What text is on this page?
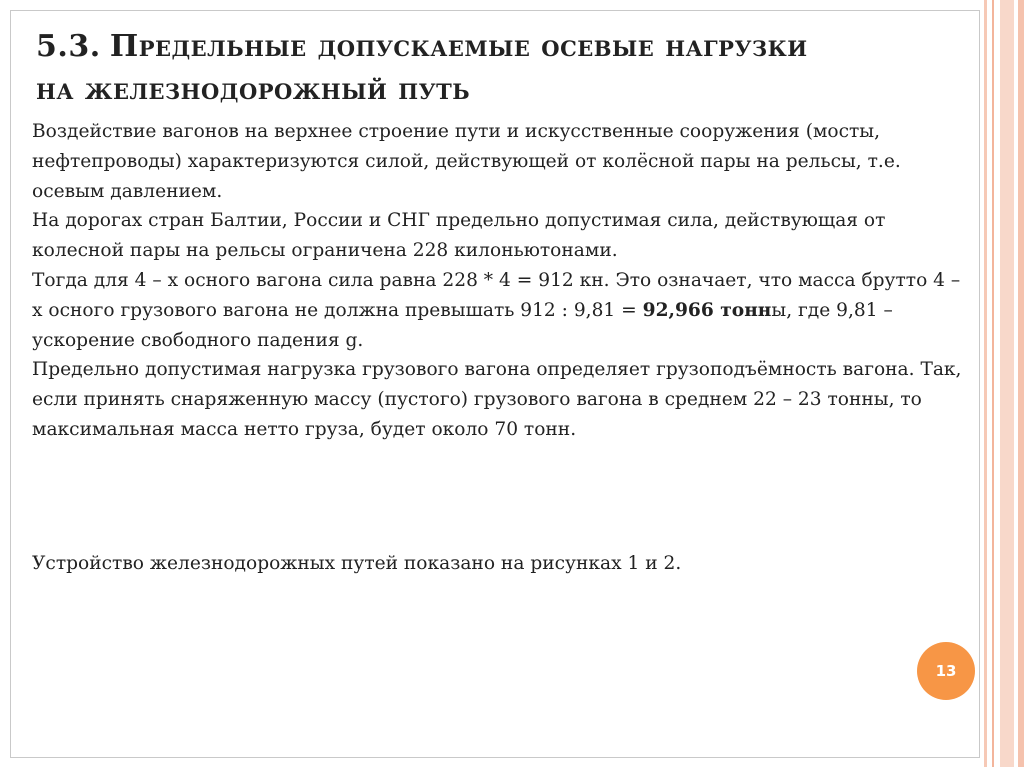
5.3. Предельные допускаемые осевые нагрузки
на железнодорожный путь

Воздействие вагонов на верхнее строение пути и искусственные сооружения (мосты, нефтепроводы) характеризуются силой, действующей от колёсной пары на рельсы, т.е. осевым давлением.

На дорогах стран Балтии, России и СНГ предельно допустимая сила, действующая от колесной пары на рельсы ограничена 228 килоньютонами.

Тогда для 4 – х осного вагона сила равна 228 * 4 = 912 кн. Это означает, что масса брутто 4 – х осного грузового вагона не должна превышать 912 : 9,81 = 92,966 тонны, где 9,81 – ускорение свободного падения g.

Предельно допустимая нагрузка грузового вагона определяет грузоподъёмность вагона. Так, если принять снаряженную массу (пустого) грузового вагона в среднем 22 – 23 тонны, то максимальная масса нетто груза, будет около 70 тонн.

Устройство железнодорожных путей показано на рисунках 1 и 2.

13
